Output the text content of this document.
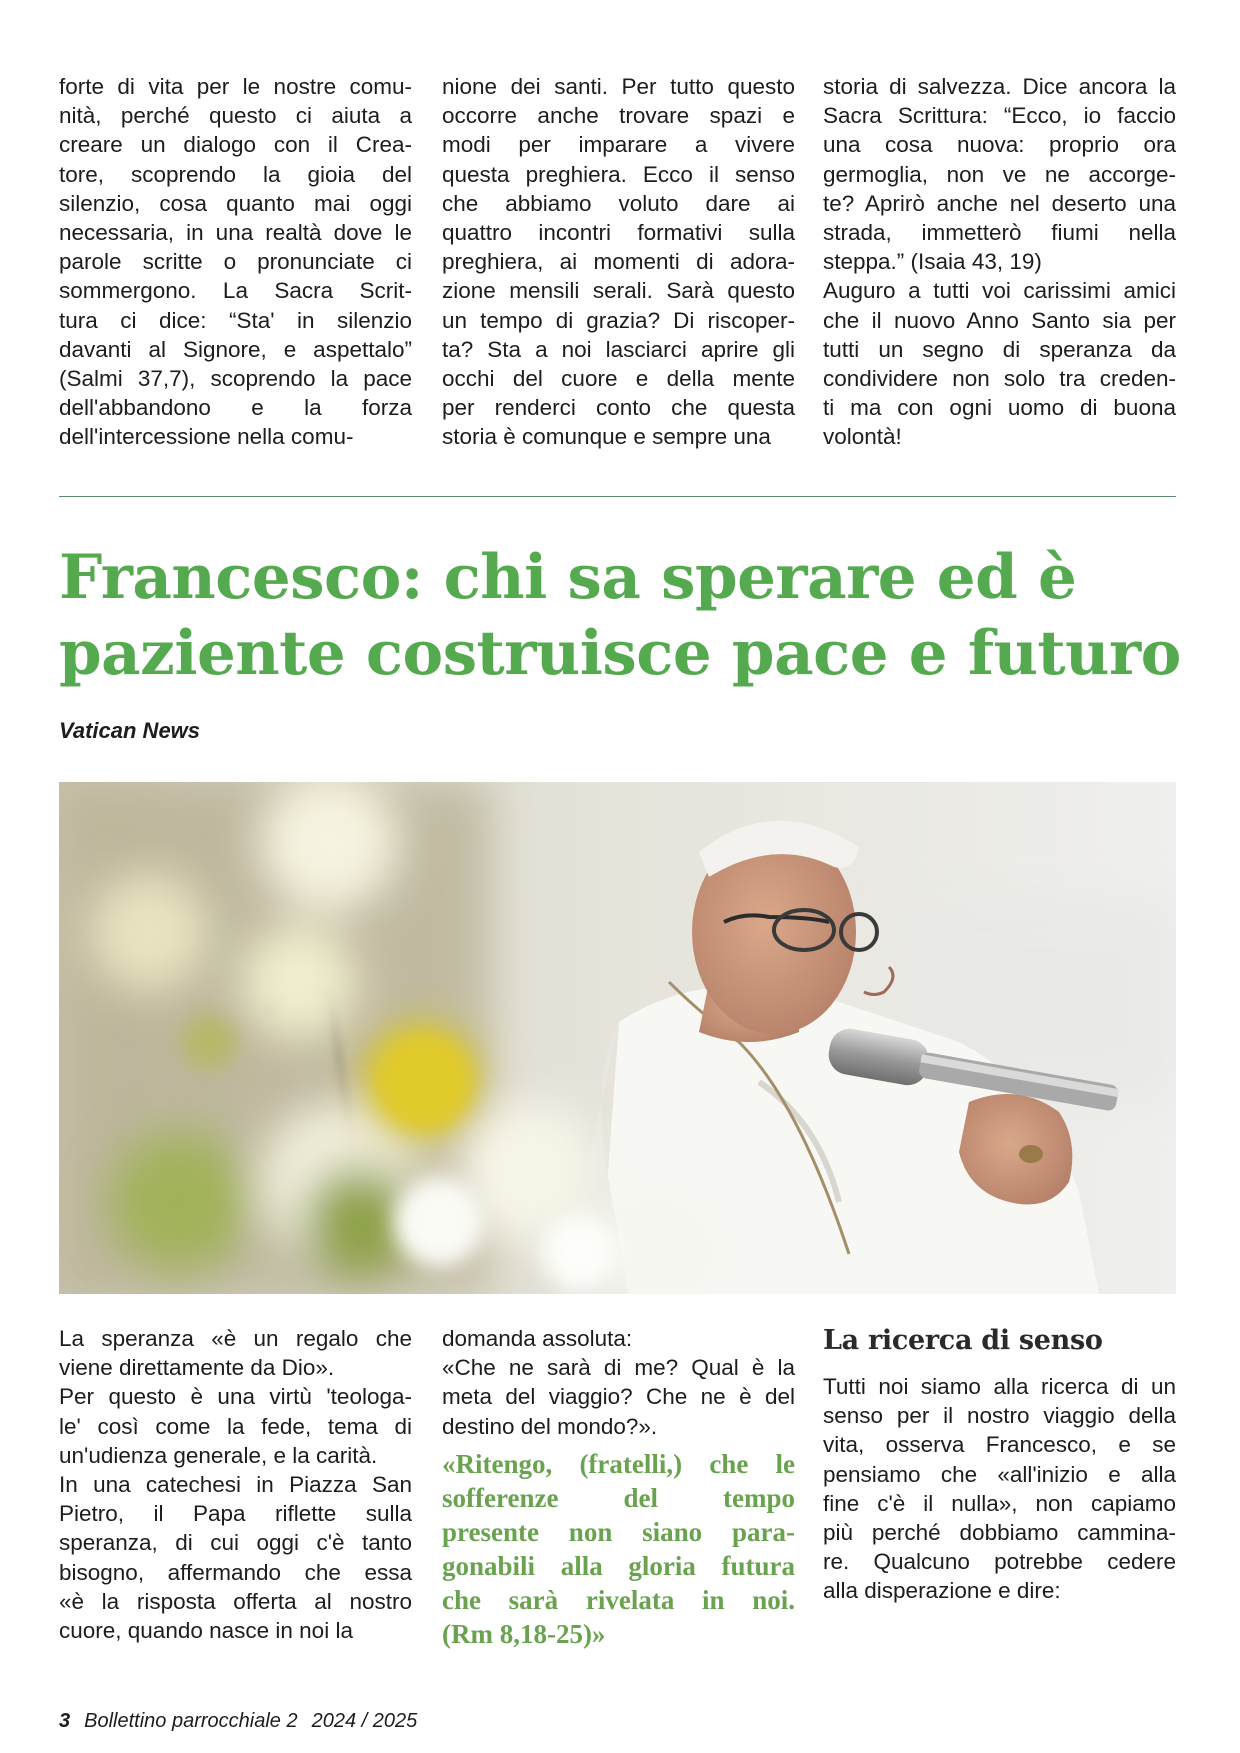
forte di vita per le nostre comu-

nità, perché questo ci aiuta a

creare un dialogo con il Crea-

tore, scoprendo la gioia del

silenzio, cosa quanto mai oggi

necessaria, in una realtà dove le

parole scritte o pronunciate ci

sommergono. La Sacra Scrit-

tura ci dice: “Sta' in silenzio

davanti al Signore, e aspettalo”

(Salmi 37,7), scoprendo la pace

dell'abbandono e la forza

dell'intercessione nella comu-

nione dei santi. Per tutto questo

occorre anche trovare spazi e

modi per imparare a vivere

questa preghiera. Ecco il senso

che abbiamo voluto dare ai

quattro incontri formativi sulla

preghiera, ai momenti di adora-

zione mensili serali. Sarà questo

un tempo di grazia? Di riscoper-

ta? Sta a noi lasciarci aprire gli

occhi del cuore e della mente

per renderci conto che questa

storia è comunque e sempre una

storia di salvezza. Dice ancora la

Sacra Scrittura: “Ecco, io faccio

una cosa nuova: proprio ora

germoglia, non ve ne accorge-

te? Aprirò anche nel deserto una

strada, immetterò fiumi nella

steppa.” (Isaia 43, 19)

Auguro a tutti voi carissimi amici

che il nuovo Anno Santo sia per

tutti un segno di speranza da

condividere non solo tra creden-

ti ma con ogni uomo di buona

volontà!

Francesco: chi sa sperare ed è paziente costruisce pace e futuro
Vatican News

La speranza «è un regalo che

viene direttamente da Dio».

Per questo è una virtù 'teologa-

le' così come la fede, tema di

un'udienza generale, e la carità.

In una catechesi in Piazza San

Pietro, il Papa riflette sulla

speranza, di cui oggi c'è tanto

bisogno, affermando che essa

«è la risposta offerta al nostro

cuore, quando nasce in noi la

domanda assoluta:

«Che ne sarà di me? Qual è la

meta del viaggio? Che ne è del

destino del mondo?».

«Ritengo, (fratelli,) che le

sofferenze del tempo

presente non siano para-

gonabili alla gloria futura

che sarà rivelata in noi.

(Rm 8,18-25)»

La ricerca di senso

Tutti noi siamo alla ricerca di un

senso per il nostro viaggio della

vita, osserva Francesco, e se

pensiamo che «all'inizio e alla

fine c'è il nulla», non capiamo

più perché dobbiamo cammina-

re. Qualcuno potrebbe cedere

alla disperazione e dire:

3 Bollettino parrocchiale 2 2024 / 2025
